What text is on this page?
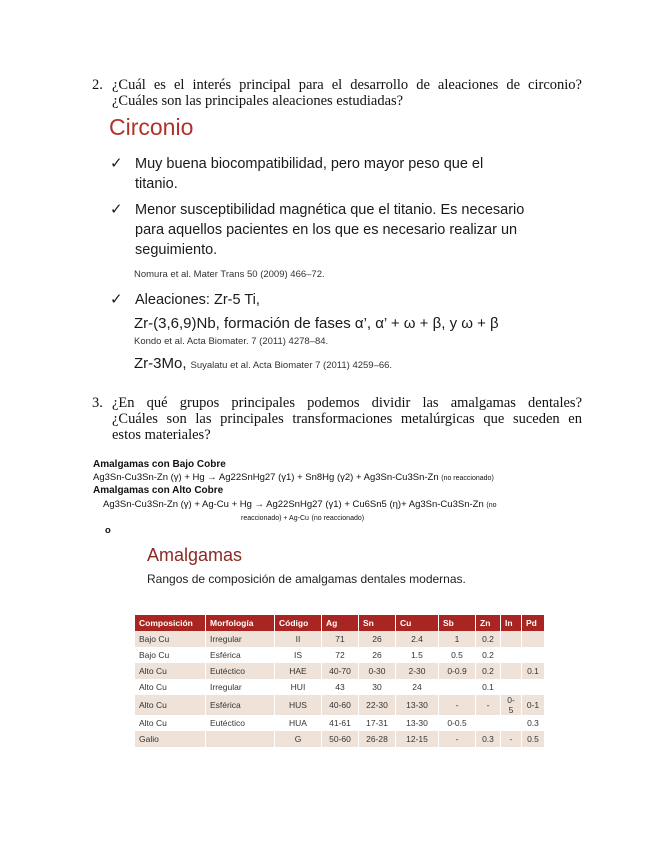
2. ¿Cuál es el interés principal para el desarrollo de aleaciones de circonio?
¿Cuáles son las principales aleaciones estudiadas?
Circonio
✓ Muy buena biocompatibilidad, pero mayor peso que el
titanio.
✓ Menor susceptibilidad magnética que el titanio. Es necesario
para aquellos pacientes en los que es necesario realizar un
seguimiento.
Nomura et al. Mater Trans 50 (2009) 466–72.
✓ Aleaciones: Zr-5 Ti,
Zr-(3,6,9)Nb, formación de fases α’, α’ + ω + β, y ω + β
Kondo et al. Acta Biomater. 7 (2011) 4278–84.
Zr-3Mo, Suyalatu et al. Acta Biomater 7 (2011) 4259–66.
3. ¿En qué grupos principales podemos dividir las amalgamas dentales?
¿Cuáles son las principales transformaciones metalúrgicas que suceden en
estos materiales?
Amalgamas con Bajo Cobre
Ag3Sn-Cu3Sn-Zn (γ) + Hg → Ag22SnHg27 (γ1) + Sn8Hg (γ2) + Ag3Sn-Cu3Sn-Zn (no reaccionado)
Amalgamas con Alto Cobre
Ag3Sn-Cu3Sn-Zn (γ) + Ag-Cu + Hg → Ag22SnHg27 (γ1) + Cu6Sn5 (η)+ Ag3Sn-Cu3Sn-Zn (no
reaccionado) + Ag-Cu (no reaccionado)
o
Amalgamas
Rangos de composición de amalgamas dentales modernas.
Composición	Morfología	Código	Ag	Sn	Cu	Sb	Zn	In	Pd
Bajo Cu	Irregular	II	71	26	2.4	1	0.2		
Bajo Cu	Esférica	IS	72	26	1.5	0.5	0.2		
Alto Cu	Eutéctico	HAE	40-70	0-30	2-30	0-0.9	0.2		0.1
Alto Cu	Irregular	HUI	43	30	24		0.1		
Alto Cu	Esférica	HUS	40-60	22-30	13-30	-	-	0-5	0-1
Alto Cu	Eutéctico	HUA	41-61	17-31	13-30	0-0.5			0.3
Galio		G	50-60	26-28	12-15	-	0.3	-	0.5
